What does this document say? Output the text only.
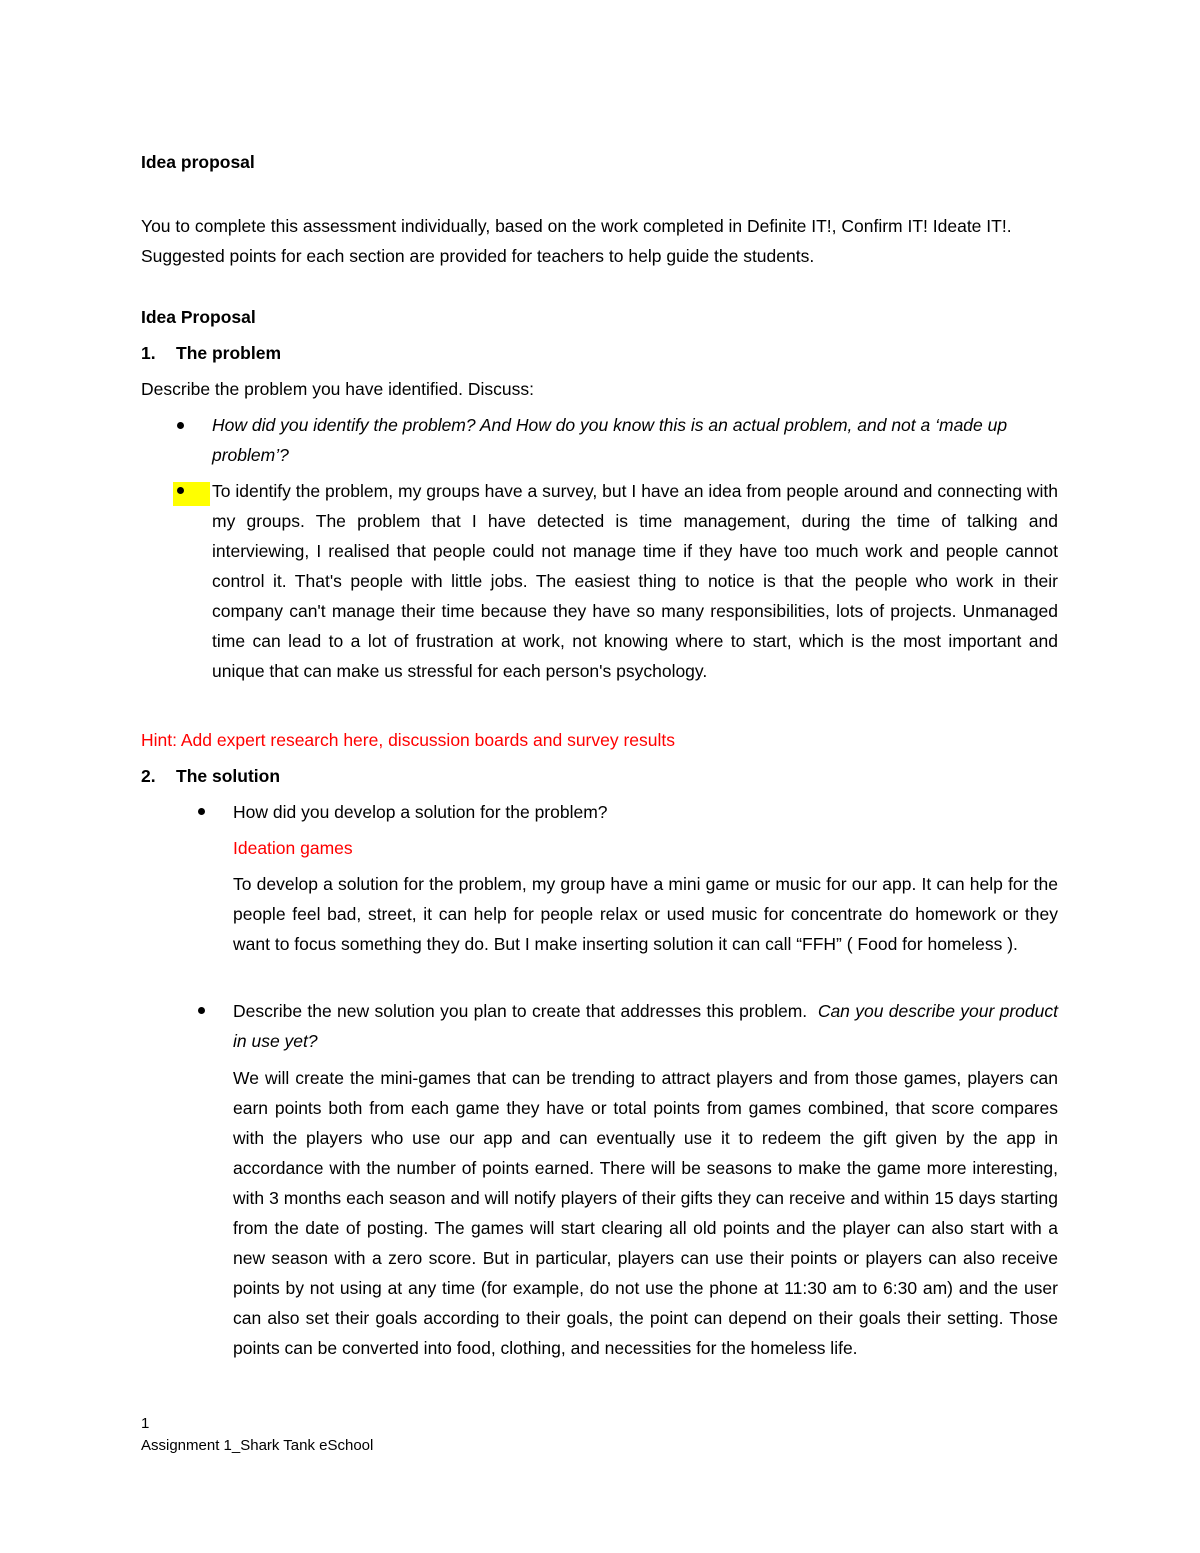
Idea proposal

You to complete this assessment individually, based on the work completed in Definite IT!, Confirm IT! Ideate IT!. Suggested points for each section are provided for teachers to help guide the students.

Idea Proposal

1. The problem

Describe the problem you have identified. Discuss:

How did you identify the problem? And How do you know this is an actual problem, and not a ‘made up problem’?

To identify the problem, my groups have a survey, but I have an idea from people around and connecting with my groups. The problem that I have detected is time management, during the time of talking and interviewing, I realised that people could not manage time if they have too much work and people cannot control it. That's people with little jobs. The easiest thing to notice is that the people who work in their company can't manage their time because they have so many responsibilities, lots of projects. Unmanaged time can lead to a lot of frustration at work, not knowing where to start, which is the most important and unique that can make us stressful for each person's psychology.

Hint: Add expert research here, discussion boards and survey results

2. The solution

How did you develop a solution for the problem?

Ideation games

To develop a solution for the problem, my group have a mini game or music for our app. It can help for the people feel bad, street, it can help for people relax or used music for concentrate do homework or they want to focus something they do. But I make inserting solution it can call “FFH” ( Food for homeless ).

Describe the new solution you plan to create that addresses this problem. Can you describe your product in use yet?

We will create the mini-games that can be trending to attract players and from those games, players can earn points both from each game they have or total points from games combined, that score compares with the players who use our app and can eventually use it to redeem the gift given by the app in accordance with the number of points earned. There will be seasons to make the game more interesting, with 3 months each season and will notify players of their gifts they can receive and within 15 days starting from the date of posting. The games will start clearing all old points and the player can also start with a new season with a zero score. But in particular, players can use their points or players can also receive points by not using at any time (for example, do not use the phone at 11:30 am to 6:30 am) and the user can also set their goals according to their goals, the point can depend on their goals their setting. Those points can be converted into food, clothing, and necessities for the homeless life.

1
Assignment 1_Shark Tank eSchool
